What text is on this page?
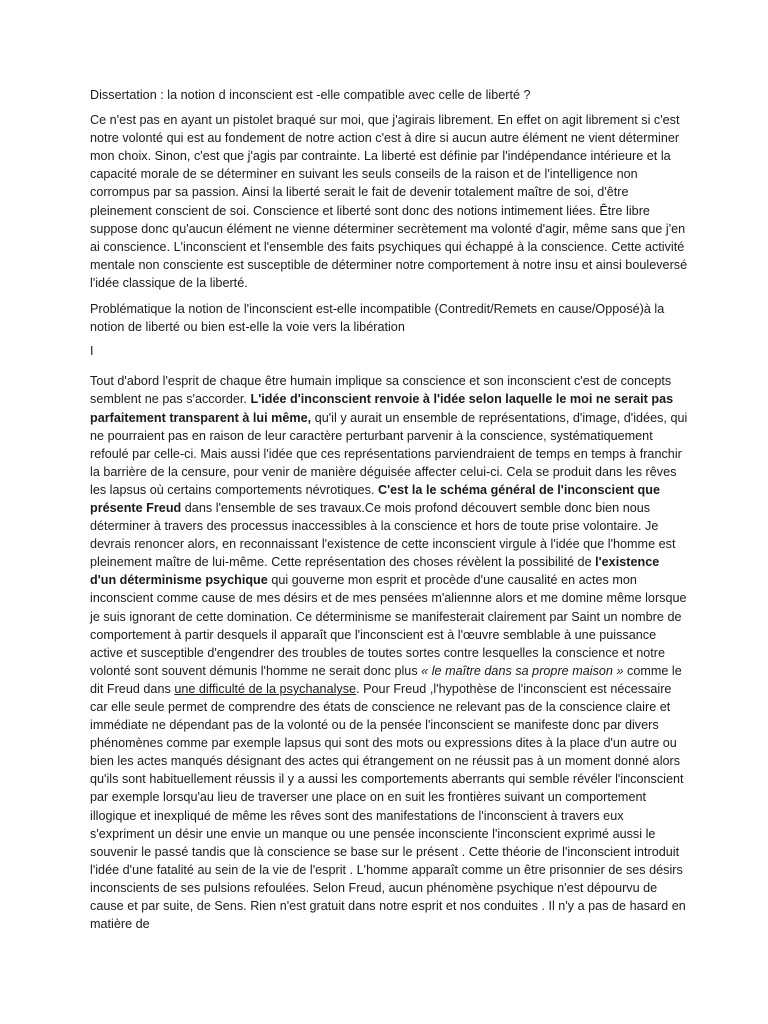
Dissertation : la notion d inconscient est -elle compatible avec celle de liberté ?

Ce n'est pas en ayant un pistolet braqué sur moi, que j'agirais librement. En effet on agit librement si c'est notre volonté qui est au fondement de notre action c'est à dire si aucun autre élément ne vient déterminer mon choix. Sinon, c'est que j'agis par contrainte. La liberté est définie par l'indépendance intérieure et la capacité morale de se déterminer en suivant les seuls conseils de la raison et de l'intelligence non corrompus par sa passion. Ainsi la liberté serait le fait de devenir totalement maître de soi, d'être pleinement conscient de soi. Conscience et liberté sont donc des notions intimement liées. Être libre suppose donc qu'aucun élément ne vienne déterminer secrètement ma volonté d'agir, même sans que j'en ai conscience. L'inconscient et l'ensemble des faits psychiques qui échappé à la conscience. Cette activité mentale non consciente est susceptible de déterminer notre comportement à notre insu et ainsi bouleversé l'idée classique de la liberté.

Problématique la notion de l'inconscient est-elle incompatible (Contredit/Remets en cause/Opposé)à la notion de liberté ou bien est-elle la voie vers la libération

I

Tout d'abord l'esprit de chaque être humain implique sa conscience et son inconscient c'est de concepts semblent ne pas s'accorder. L'idée d'inconscient renvoie à l'idée selon laquelle le moi ne serait pas parfaitement transparent à lui même, qu'il y aurait un ensemble de représentations, d'image, d'idées, qui ne pourraient pas en raison de leur caractère perturbant parvenir à la conscience, systématiquement refoulé par celle-ci. Mais aussi l'idée que ces représentations parviendraient de temps en temps à franchir la barrière de la censure, pour venir de manière déguisée affecter celui-ci. Cela se produit dans les rêves les lapsus où certains comportements névrotiques. C'est la le schéma général de l'inconscient que présente Freud dans l'ensemble de ses travaux.Ce mois profond découvert semble donc bien nous déterminer à travers des processus inaccessibles à la conscience et hors de toute prise volontaire. Je devrais renoncer alors, en reconnaissant l'existence de cette inconscient virgule à l'idée que l'homme est pleinement maître de lui-même. Cette représentation des choses révèlent la possibilité de l'existence d'un déterminisme psychique qui gouverne mon esprit et procède d'une causalité en actes mon inconscient comme cause de mes désirs et de mes pensées m'aliennne alors et me domine même lorsque je suis ignorant de cette domination. Ce déterminisme se manifesterait clairement par Saint un nombre de comportement à partir desquels il apparaît que l'inconscient est à l'œuvre semblable à une puissance active et susceptible d'engendrer des troubles de toutes sortes contre lesquelles la conscience et notre volonté sont souvent démunis l'homme ne serait donc plus « le maître dans sa propre maison » comme le dit Freud dans une difficulté de la psychanalyse. Pour Freud ,l'hypothèse de l'inconscient est nécessaire car elle seule permet de comprendre des états de conscience ne relevant pas de la conscience claire et immédiate ne dépendant pas de la volonté ou de la pensée l'inconscient se manifeste donc par divers phénomènes comme par exemple lapsus qui sont des mots ou expressions dites à la place d'un autre ou bien les actes manqués désignant des actes qui étrangement on ne réussit pas à un moment donné alors qu'ils sont habituellement réussis il y a aussi les comportements aberrants qui semble révéler l'inconscient par exemple lorsqu'au lieu de traverser une place on en suit les frontières suivant un comportement illogique et inexpliqué de même les rêves sont des manifestations de l'inconscient à travers eux s'expriment un désir une envie un manque ou une pensée inconsciente l'inconscient exprimé aussi le souvenir le passé tandis que là conscience se base sur le présent . Cette théorie de l'inconscient introduit l'idée d'une fatalité au sein de la vie de l'esprit . L'homme apparaît comme un être prisonnier de ses désirs inconscients de ses pulsions refoulées. Selon Freud, aucun phénomène psychique n'est dépourvu de cause et par suite, de Sens. Rien n'est gratuit dans notre esprit et nos conduites . Il n'y a pas de hasard en matière de
